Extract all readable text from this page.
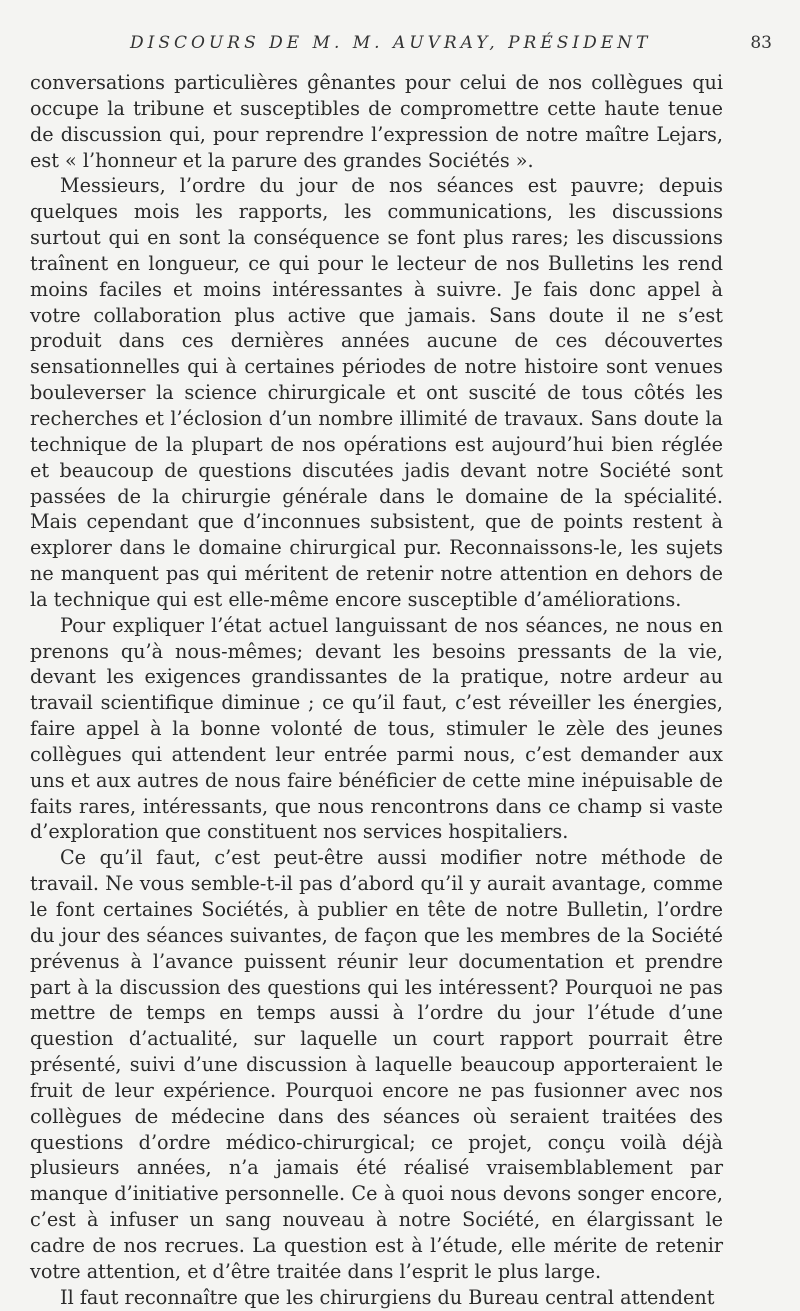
DISCOURS DE M. M. AUVRAY, PRÉSIDENT	83

conversations particulières gênantes pour celui de nos collègues qui occupe la tribune et susceptibles de compromettre cette haute tenue de discussion qui, pour reprendre l’expression de notre maître Lejars, est « l’honneur et la parure des grandes Sociétés ».

Messieurs, l’ordre du jour de nos séances est pauvre; depuis quelques mois les rapports, les communications, les discussions surtout qui en sont la conséquence se font plus rares; les discussions traînent en longueur, ce qui pour le lecteur de nos Bulletins les rend moins faciles et moins intéressantes à suivre. Je fais donc appel à votre collaboration plus active que jamais. Sans doute il ne s’est produit dans ces dernières années aucune de ces découvertes sensationnelles qui à certaines périodes de notre histoire sont venues bouleverser la science chirurgicale et ont suscité de tous côtés les recherches et l’éclosion d’un nombre illimité de travaux. Sans doute la technique de la plupart de nos opérations est aujourd’hui bien réglée et beaucoup de questions discutées jadis devant notre Société sont passées de la chirurgie générale dans le domaine de la spécialité. Mais cependant que d’inconnues subsistent, que de points restent à explorer dans le domaine chirurgical pur. Reconnaissons-le, les sujets ne manquent pas qui méritent de retenir notre attention en dehors de la technique qui est elle-même encore susceptible d’améliorations.

Pour expliquer l’état actuel languissant de nos séances, ne nous en prenons qu’à nous-mêmes; devant les besoins pressants de la vie, devant les exigences grandissantes de la pratique, notre ardeur au travail scientifique diminue ; ce qu’il faut, c’est réveiller les énergies, faire appel à la bonne volonté de tous, stimuler le zèle des jeunes collègues qui attendent leur entrée parmi nous, c’est demander aux uns et aux autres de nous faire bénéficier de cette mine inépuisable de faits rares, intéressants, que nous rencontrons dans ce champ si vaste d’exploration que constituent nos services hospitaliers.

Ce qu’il faut, c’est peut-être aussi modifier notre méthode de travail. Ne vous semble-t-il pas d’abord qu’il y aurait avantage, comme le font certaines Sociétés, à publier en tête de notre Bulletin, l’ordre du jour des séances suivantes, de façon que les membres de la Société prévenus à l’avance puissent réunir leur documentation et prendre part à la discussion des questions qui les intéressent? Pourquoi ne pas mettre de temps en temps aussi à l’ordre du jour l’étude d’une question d’actualité, sur laquelle un court rapport pourrait être présenté, suivi d’une discussion à laquelle beaucoup apporteraient le fruit de leur expérience. Pourquoi encore ne pas fusionner avec nos collègues de médecine dans des séances où seraient traitées des questions d’ordre médico-chirurgical; ce projet, conçu voilà déjà plusieurs années, n’a jamais été réalisé vraisemblablement par manque d’initiative personnelle. Ce à quoi nous devons songer encore, c’est à infuser un sang nouveau à notre Société, en élargissant le cadre de nos recrues. La question est à l’étude, elle mérite de retenir votre attention, et d’être traitée dans l’esprit le plus large.

Il faut reconnaître que les chirurgiens du Bureau central attendent
